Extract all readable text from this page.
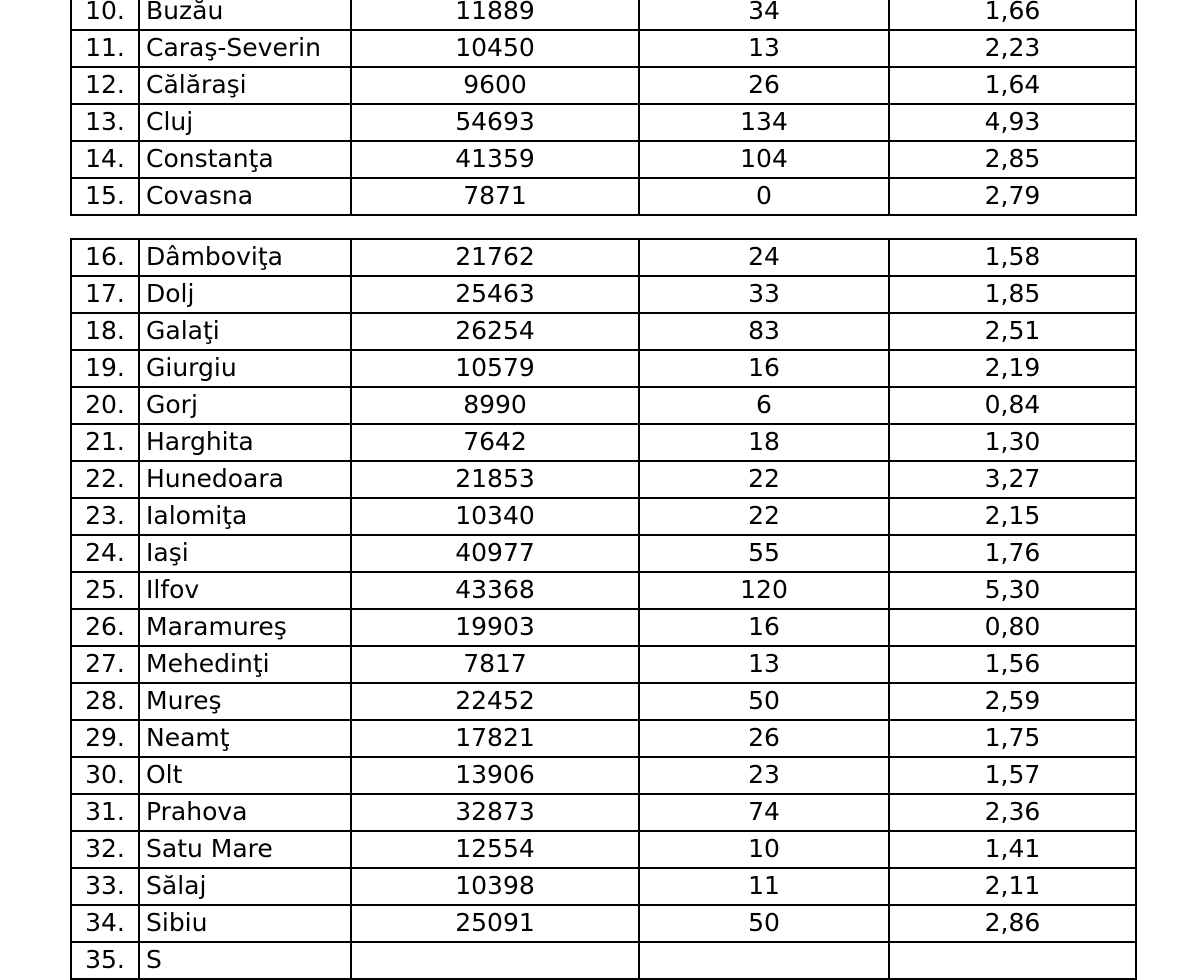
10.	Buzău	11889	34	1,66
11.	Caraş-Severin	10450	13	2,23
12.	Călăraşi	9600	26	1,64
13.	Cluj	54693	134	4,93
14.	Constanţa	41359	104	2,85
15.	Covasna	7871	0	2,79
16.	Dâmboviţa	21762	24	1,58
17.	Dolj	25463	33	1,85
18.	Galaţi	26254	83	2,51
19.	Giurgiu	10579	16	2,19
20.	Gorj	8990	6	0,84
21.	Harghita	7642	18	1,30
22.	Hunedoara	21853	22	3,27
23.	Ialomiţa	10340	22	2,15
24.	Iaşi	40977	55	1,76
25.	Ilfov	43368	120	5,30
26.	Maramureş	19903	16	0,80
27.	Mehedinţi	7817	13	1,56
28.	Mureş	22452	50	2,59
29.	Neamţ	17821	26	1,75
30.	Olt	13906	23	1,57
31.	Prahova	32873	74	2,36
32.	Satu Mare	12554	10	1,41
33.	Sălaj	10398	11	2,11
34.	Sibiu	25091	50	2,86
35.	S			
